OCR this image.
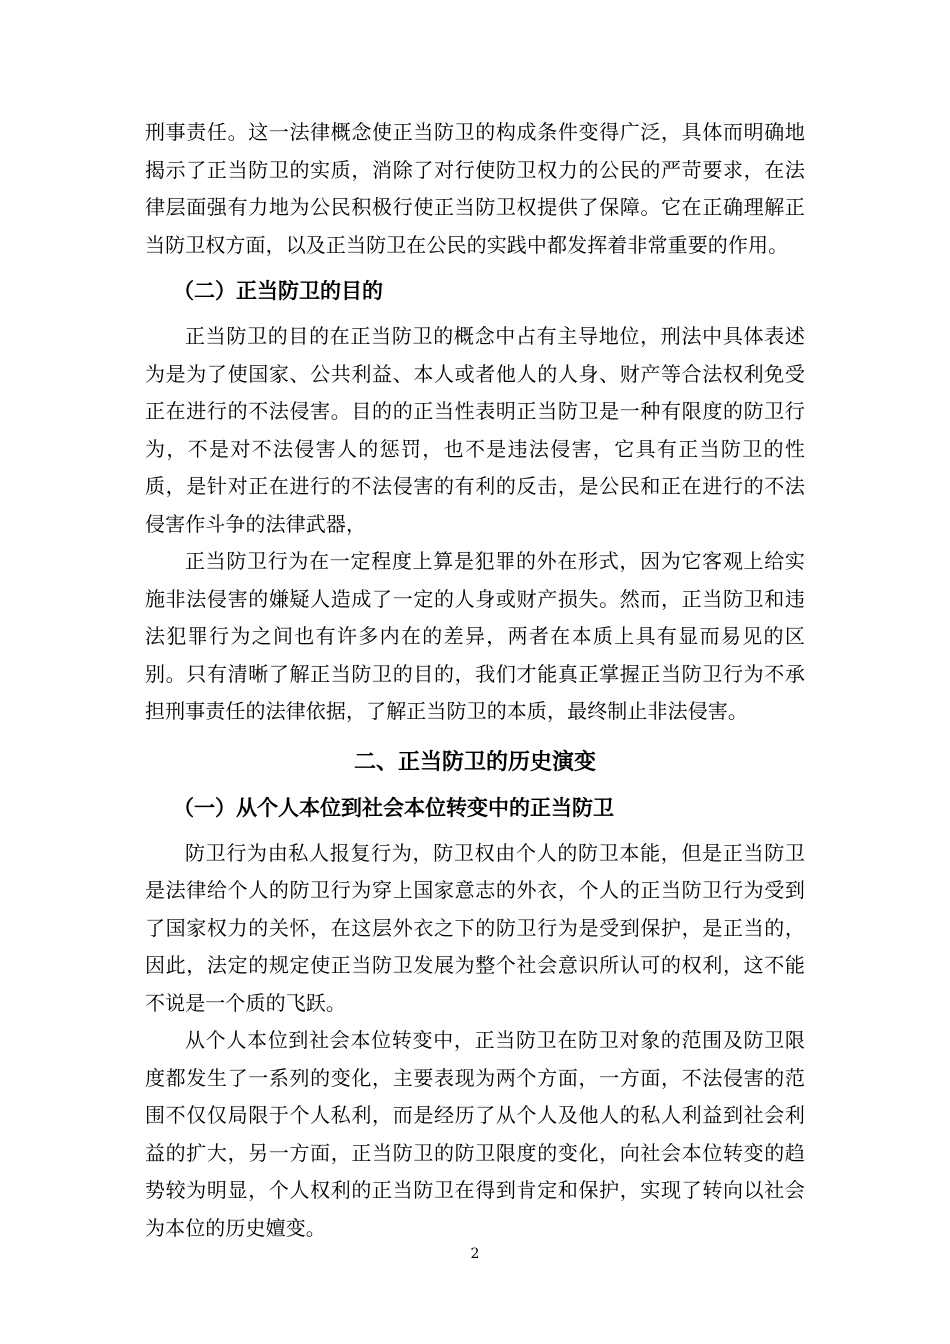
刑事责任。这一法律概念使正当防卫的构成条件变得广泛，具体而明确地揭示了正当防卫的实质，消除了对行使防卫权力的公民的严苛要求，在法律层面强有力地为公民积极行使正当防卫权提供了保障。它在正确理解正当防卫权方面，以及正当防卫在公民的实践中都发挥着非常重要的作用。

（二）正当防卫的目的

正当防卫的目的在正当防卫的概念中占有主导地位，刑法中具体表述为是为了使国家、公共利益、本人或者他人的人身、财产等合法权利免受正在进行的不法侵害。目的的正当性表明正当防卫是一种有限度的防卫行为，不是对不法侵害人的惩罚，也不是违法侵害，它具有正当防卫的性质，是针对正在进行的不法侵害的有利的反击，是公民和正在进行的不法侵害作斗争的法律武器，

正当防卫行为在一定程度上算是犯罪的外在形式，因为它客观上给实施非法侵害的嫌疑人造成了一定的人身或财产损失。然而，正当防卫和违法犯罪行为之间也有许多内在的差异，两者在本质上具有显而易见的区别。只有清晰了解正当防卫的目的，我们才能真正掌握正当防卫行为不承担刑事责任的法律依据，了解正当防卫的本质，最终制止非法侵害。

二、正当防卫的历史演变
（一）从个人本位到社会本位转变中的正当防卫

防卫行为由私人报复行为，防卫权由个人的防卫本能，但是正当防卫是法律给个人的防卫行为穿上国家意志的外衣，个人的正当防卫行为受到了国家权力的关怀，在这层外衣之下的防卫行为是受到保护，是正当的，因此，法定的规定使正当防卫发展为整个社会意识所认可的权利，这不能不说是一个质的飞跃。

从个人本位到社会本位转变中，正当防卫在防卫对象的范围及防卫限度都发生了一系列的变化，主要表现为两个方面，一方面，不法侵害的范围不仅仅局限于个人私利，而是经历了从个人及他人的私人利益到社会利益的扩大，另一方面，正当防卫的防卫限度的变化，向社会本位转变的趋势较为明显，个人权利的正当防卫在得到肯定和保护，实现了转向以社会为本位的历史嬗变。

2
